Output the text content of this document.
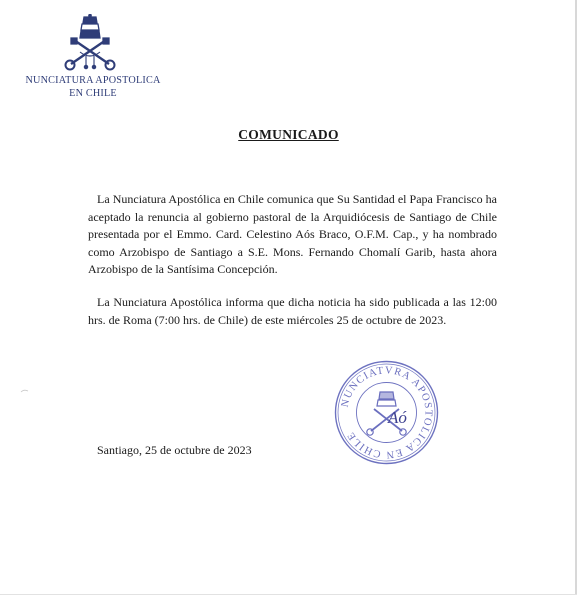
NUNCIATURA APOSTOLICA
EN CHILE
COMUNICADO

La Nunciatura Apostólica en Chile comunica que Su Santidad el Papa Francisco ha aceptado la renuncia al gobierno pastoral de la Arquidiócesis de Santiago de Chile presentada por el Emmo. Card. Celestino Aós Braco, O.F.M. Cap., y ha nombrado como Arzobispo de Santiago a S.E. Mons. Fernando Chomalí Garib, hasta ahora Arzobispo de la Santísima Concepción.

La Nunciatura Apostólica informa que dicha noticia ha sido publicada a las 12:00 hrs. de Roma (7:00 hrs. de Chile) de este miércoles 25 de octubre de 2023.

Santiago, 25 de octubre de 2023
NUNCIATVRA APOSTOLICA EN CHILE
Aó
